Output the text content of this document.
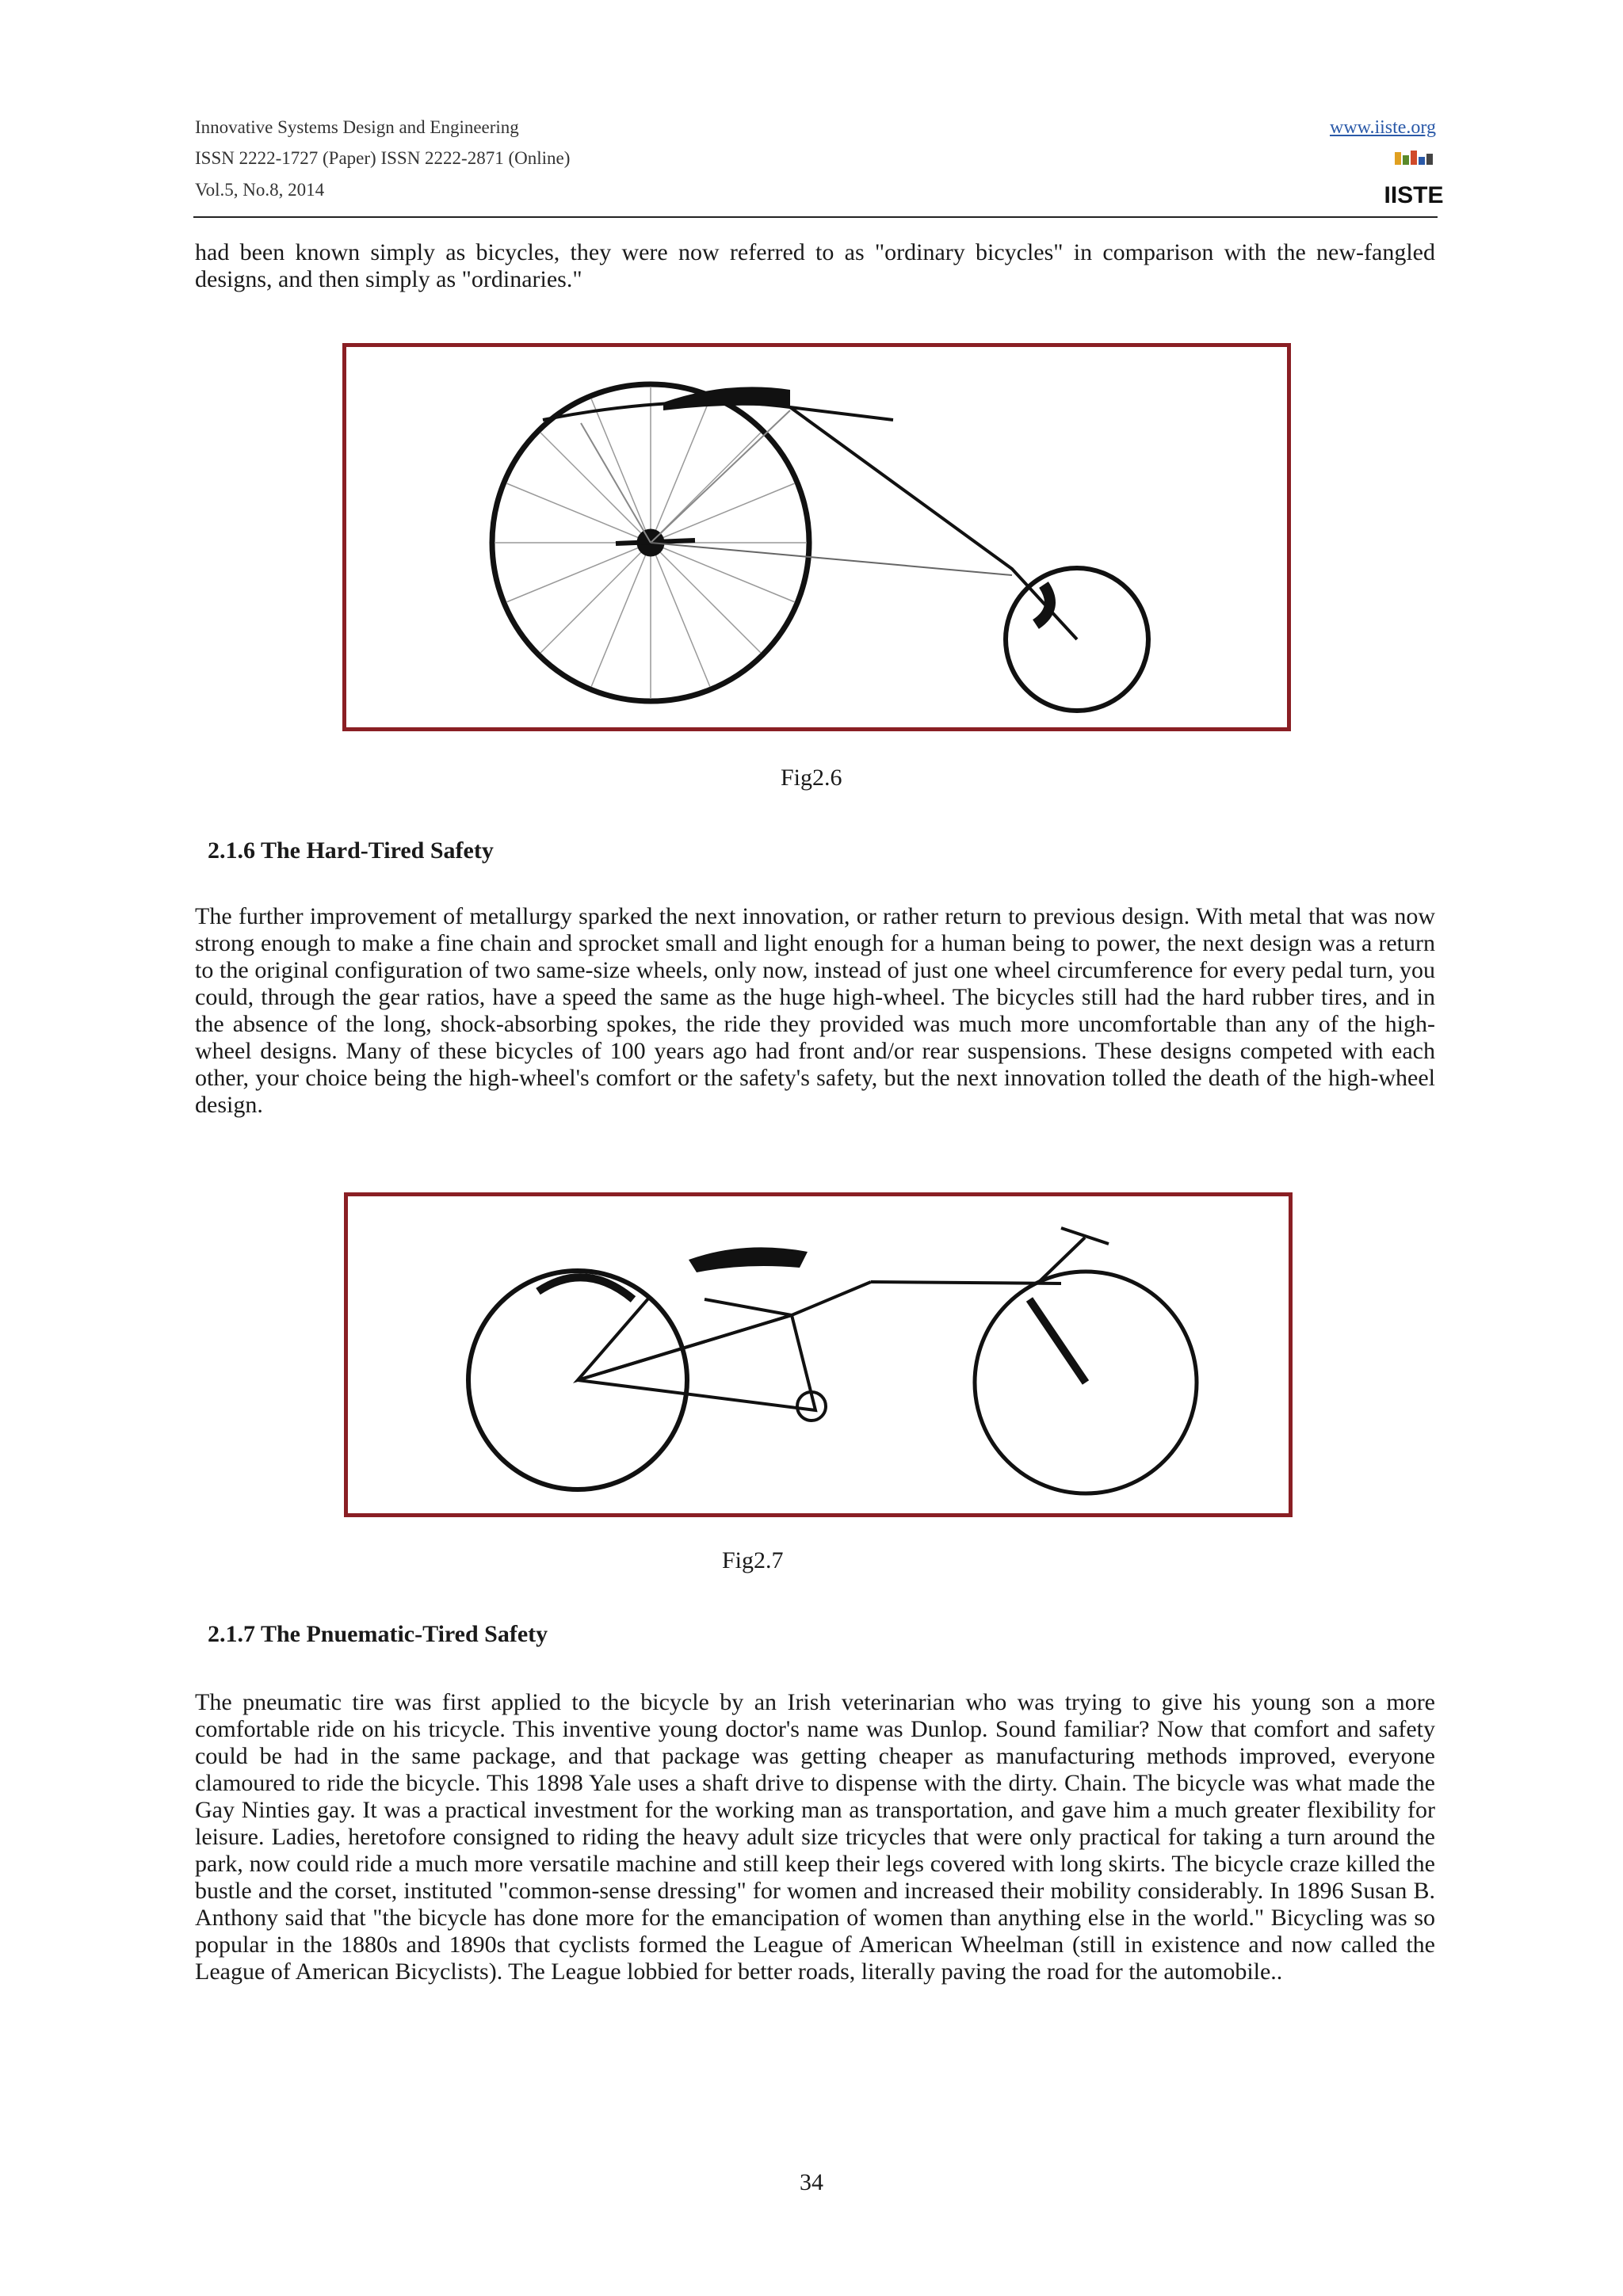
Innovative Systems Design and Engineering
ISSN 2222-1727 (Paper) ISSN 2222-2871 (Online)
Vol.5, No.8, 2014
www.iiste.org
IISTE

had been known simply as bicycles, they were now referred to as "ordinary bicycles" in comparison with the new-fangled designs, and then simply as "ordinaries."

Fig2.6
2.1.6 The Hard-Tired Safety

The further improvement of metallurgy sparked the next innovation, or rather return to previous design. With metal that was now strong enough to make a fine chain and sprocket small and light enough for a human being to power, the next design was a return to the original configuration of two same-size wheels, only now, instead of just one wheel circumference for every pedal turn, you could, through the gear ratios, have a speed the same as the huge high-wheel. The bicycles still had the hard rubber tires, and in the absence of the long, shock-absorbing spokes, the ride they provided was much more uncomfortable than any of the high-wheel designs. Many of these bicycles of 100 years ago had front and/or rear suspensions. These designs competed with each other, your choice being the high-wheel's comfort or the safety's safety, but the next innovation tolled the death of the high-wheel design.

Fig2.7
2.1.7 The Pnuematic-Tired Safety

The pneumatic tire was first applied to the bicycle by an Irish veterinarian who was trying to give his young son a more comfortable ride on his tricycle. This inventive young doctor's name was Dunlop. Sound familiar? Now that comfort and safety could be had in the same package, and that package was getting cheaper as manufacturing methods improved, everyone clamoured to ride the bicycle. This 1898 Yale uses a shaft drive to dispense with the dirty. Chain. The bicycle was what made the Gay Ninties gay. It was a practical investment for the working man as transportation, and gave him a much greater flexibility for leisure. Ladies, heretofore consigned to riding the heavy adult size tricycles that were only practical for taking a turn around the park, now could ride a much more versatile machine and still keep their legs covered with long skirts. The bicycle craze killed the bustle and the corset, instituted "common-sense dressing" for women and increased their mobility considerably. In 1896 Susan B. Anthony said that "the bicycle has done more for the emancipation of women than anything else in the world." Bicycling was so popular in the 1880s and 1890s that cyclists formed the League of American Wheelman (still in existence and now called the League of American Bicyclists). The League lobbied for better roads, literally paving the road for the automobile..

34
